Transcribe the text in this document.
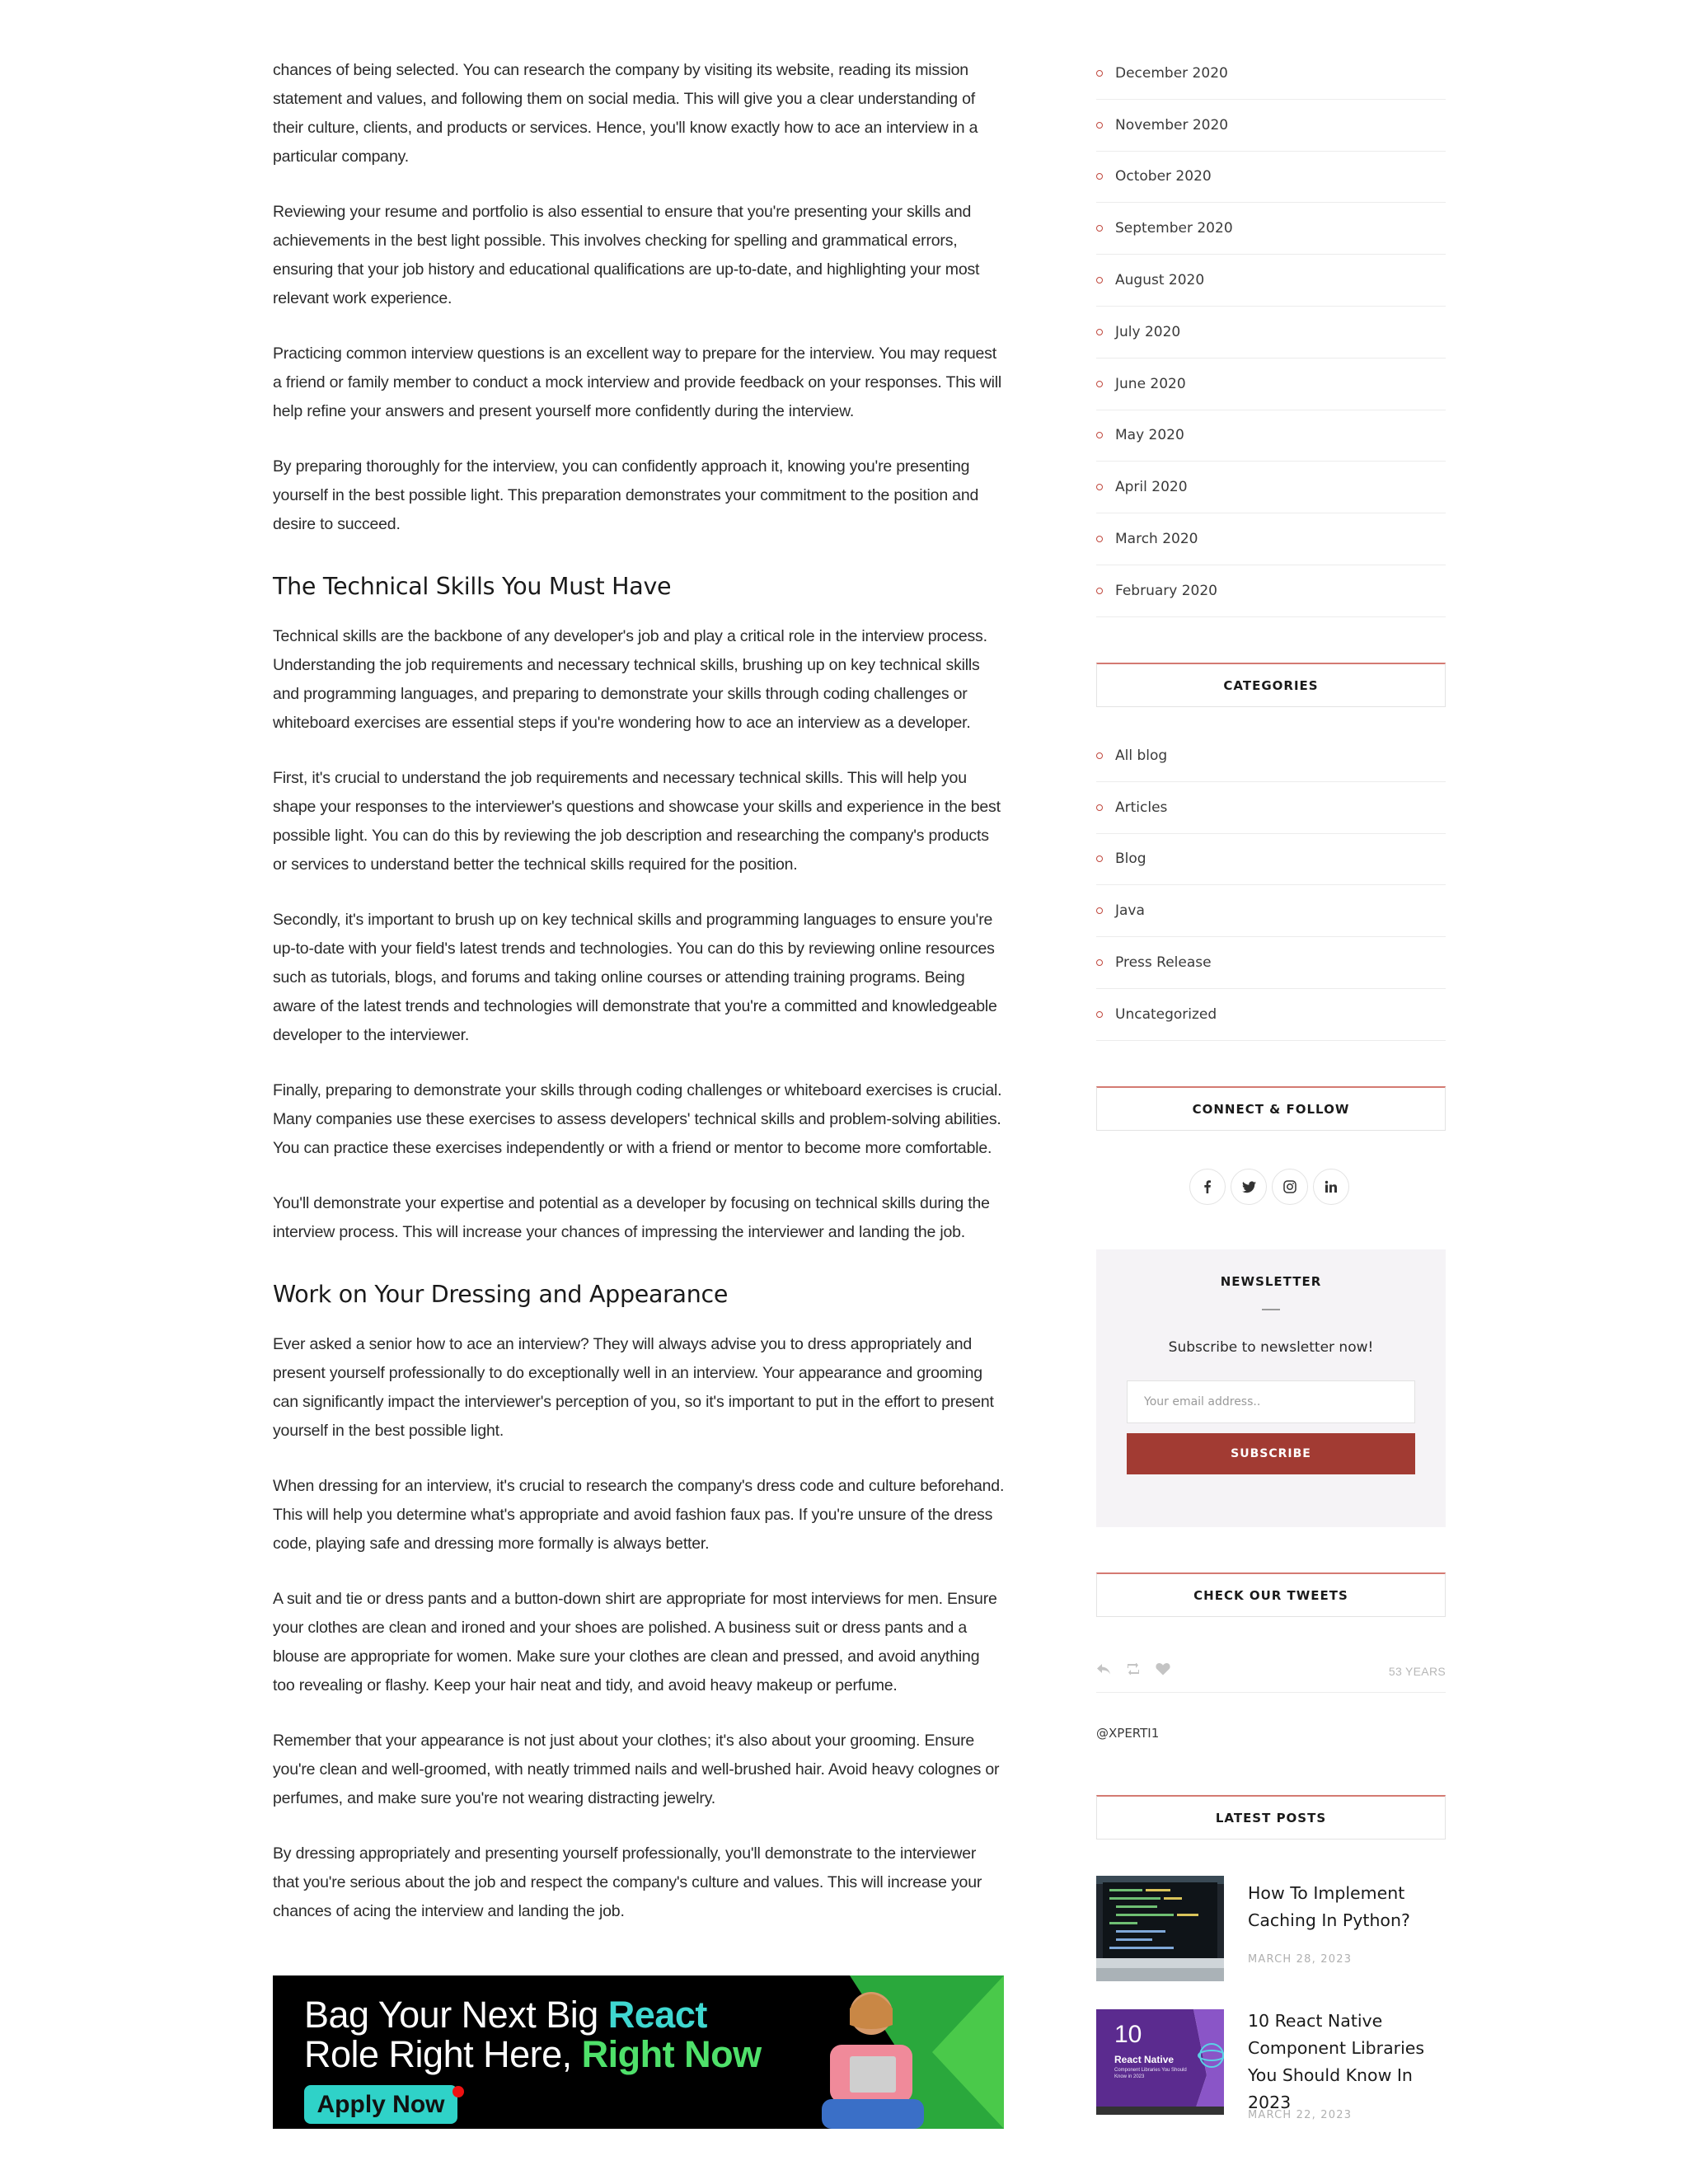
chances of being selected. You can research the company by visiting its website, reading its mission statement and values, and following them on social media. This will give you a clear understanding of their culture, clients, and products or services. Hence, you'll know exactly how to ace an interview in a particular company.

Reviewing your resume and portfolio is also essential to ensure that you're presenting your skills and achievements in the best light possible. This involves checking for spelling and grammatical errors, ensuring that your job history and educational qualifications are up-to-date, and highlighting your most relevant work experience.

Practicing common interview questions is an excellent way to prepare for the interview. You may request a friend or family member to conduct a mock interview and provide feedback on your responses. This will help refine your answers and present yourself more confidently during the interview.

By preparing thoroughly for the interview, you can confidently approach it, knowing you're presenting yourself in the best possible light. This preparation demonstrates your commitment to the position and desire to succeed.

The Technical Skills You Must Have

Technical skills are the backbone of any developer's job and play a critical role in the interview process. Understanding the job requirements and necessary technical skills, brushing up on key technical skills and programming languages, and preparing to demonstrate your skills through coding challenges or whiteboard exercises are essential steps if you're wondering how to ace an interview as a developer.

First, it's crucial to understand the job requirements and necessary technical skills. This will help you shape your responses to the interviewer's questions and showcase your skills and experience in the best possible light. You can do this by reviewing the job description and researching the company's products or services to understand better the technical skills required for the position.

Secondly, it's important to brush up on key technical skills and programming languages to ensure you're up-to-date with your field's latest trends and technologies. You can do this by reviewing online resources such as tutorials, blogs, and forums and taking online courses or attending training programs. Being aware of the latest trends and technologies will demonstrate that you're a committed and knowledgeable developer to the interviewer.

Finally, preparing to demonstrate your skills through coding challenges or whiteboard exercises is crucial. Many companies use these exercises to assess developers' technical skills and problem-solving abilities. You can practice these exercises independently or with a friend or mentor to become more comfortable.

You'll demonstrate your expertise and potential as a developer by focusing on technical skills during the interview process. This will increase your chances of impressing the interviewer and landing the job.

Work on Your Dressing and Appearance

Ever asked a senior how to ace an interview? They will always advise you to dress appropriately and present yourself professionally to do exceptionally well in an interview. Your appearance and grooming can significantly impact the interviewer's perception of you, so it's important to put in the effort to present yourself in the best possible light.

When dressing for an interview, it's crucial to research the company's dress code and culture beforehand. This will help you determine what's appropriate and avoid fashion faux pas. If you're unsure of the dress code, playing safe and dressing more formally is always better.

A suit and tie or dress pants and a button-down shirt are appropriate for most interviews for men. Ensure your clothes are clean and ironed and your shoes are polished. A business suit or dress pants and a blouse are appropriate for women. Make sure your clothes are clean and pressed, and avoid anything too revealing or flashy. Keep your hair neat and tidy, and avoid heavy makeup or perfume.

Remember that your appearance is not just about your clothes; it's also about your grooming. Ensure you're clean and well-groomed, with neatly trimmed nails and well-brushed hair. Avoid heavy colognes or perfumes, and make sure you're not wearing distracting jewelry.

By dressing appropriately and presenting yourself professionally, you'll demonstrate to the interviewer that you're serious about the job and respect the company's culture and values. This will increase your chances of acing the interview and landing the job.

Bag Your Next Big React
Role Right Here, Right Now
Apply Now
December 2020
November 2020
October 2020
September 2020
August 2020
July 2020
June 2020
May 2020
April 2020
March 2020
February 2020
CATEGORIES
All blog
Articles
Blog
Java
Press Release
Uncategorized
CONNECT & FOLLOW
NEWSLETTER
Subscribe to newsletter now!
Your email address..
SUBSCRIBE
CHECK OUR TWEETS
53 YEARS
@XPERTI1
LATEST POSTS
How To Implement Caching In Python?
MARCH 28, 2023
10
React Native
Component Libraries You Should Know in 2023
10 React Native Component Libraries You Should Know In 2023
MARCH 22, 2023
